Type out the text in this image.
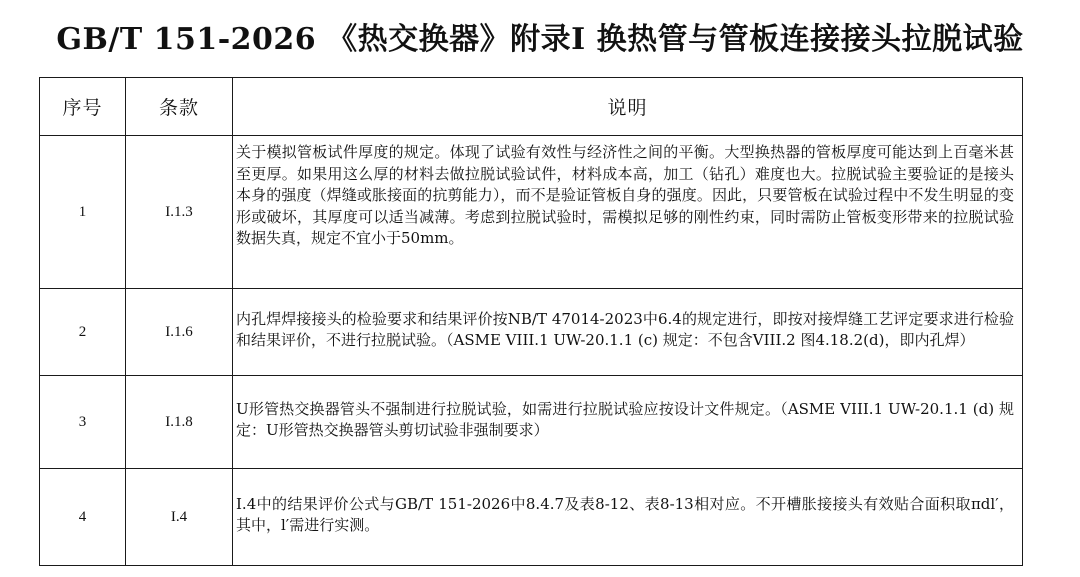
GB/T 151-2026 《热交换器》附录I 换热管与管板连接接头拉脱试验
序号	条款	说明
1	I.1.3	关于模拟管板试件厚度的规定。体现了试验有效性与经济性之间的平衡。大型换热器的管板厚度可能达到上百毫米甚至更厚。如果用这么厚的材料去做拉脱试验试件，材料成本高，加工（钻孔）难度也大。拉脱试验主要验证的是接头本身的强度（焊缝或胀接面的抗剪能力），而不是验证管板自身的强度。因此，只要管板在试验过程中不发生明显的变形或破坏，其厚度可以适当减薄。考虑到拉脱试验时，需模拟足够的刚性约束，同时需防止管板变形带来的拉脱试验数据失真，规定不宜小于50mm。
2	I.1.6	内孔焊焊接接头的检验要求和结果评价按NB/T 47014-2023中6.4的规定进行，即按对接焊缝工艺评定要求进行检验和结果评价，不进行拉脱试验。（ASME VIII.1 UW-20.1.1 (c) 规定：不包含VIII.2 图4.18.2(d)，即内孔焊）
3	I.1.8	U形管热交换器管头不强制进行拉脱试验，如需进行拉脱试验应按设计文件规定。（ASME VIII.1 UW-20.1.1 (d) 规定：U形管热交换器管头剪切试验非强制要求）
4	I.4	I.4中的结果评价公式与GB/T 151-2026中8.4.7及表8-12、表8-13相对应。不开槽胀接接头有效贴合面积取πdl′，其中，l′需进行实测。
